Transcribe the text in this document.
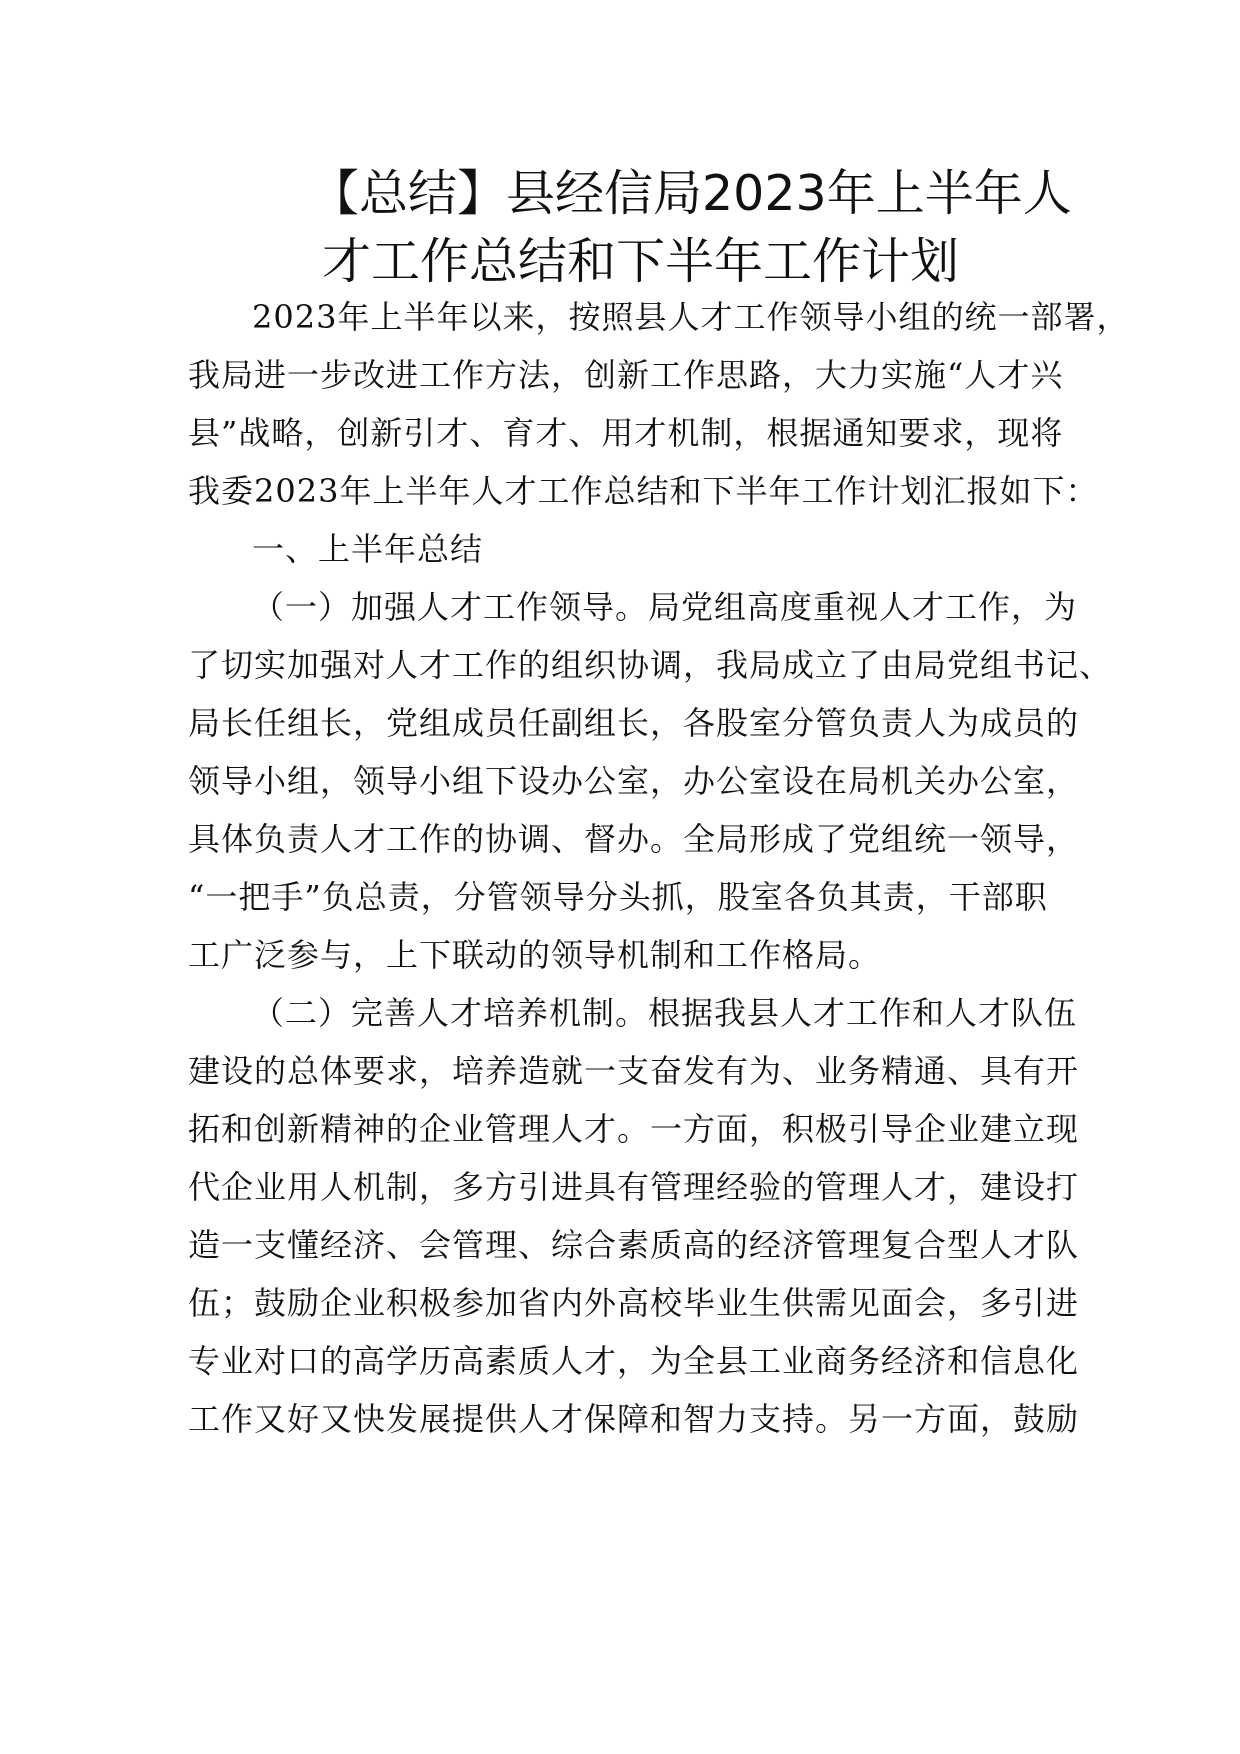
【总结】县经信局2023年上半年人
才工作总结和下半年工作计划
2023年上半年以来，按照县人才工作领导小组的统一部署，
我局进一步改进工作方法，创新工作思路，大力实施“人才兴
县”战略，创新引才、育才、用才机制，根据通知要求，现将
我委2023年上半年人才工作总结和下半年工作计划汇报如下：
一、上半年总结
（一）加强人才工作领导。局党组高度重视人才工作，为
了切实加强对人才工作的组织协调，我局成立了由局党组书记、
局长任组长，党组成员任副组长，各股室分管负责人为成员的
领导小组，领导小组下设办公室，办公室设在局机关办公室，
具体负责人才工作的协调、督办。全局形成了党组统一领导，
“一把手”负总责，分管领导分头抓，股室各负其责，干部职
工广泛参与，上下联动的领导机制和工作格局。
（二）完善人才培养机制。根据我县人才工作和人才队伍
建设的总体要求，培养造就一支奋发有为、业务精通、具有开
拓和创新精神的企业管理人才。一方面，积极引导企业建立现
代企业用人机制，多方引进具有管理经验的管理人才，建设打
造一支懂经济、会管理、综合素质高的经济管理复合型人才队
伍；鼓励企业积极参加省内外高校毕业生供需见面会，多引进
专业对口的高学历高素质人才，为全县工业商务经济和信息化
工作又好又快发展提供人才保障和智力支持。另一方面，鼓励
